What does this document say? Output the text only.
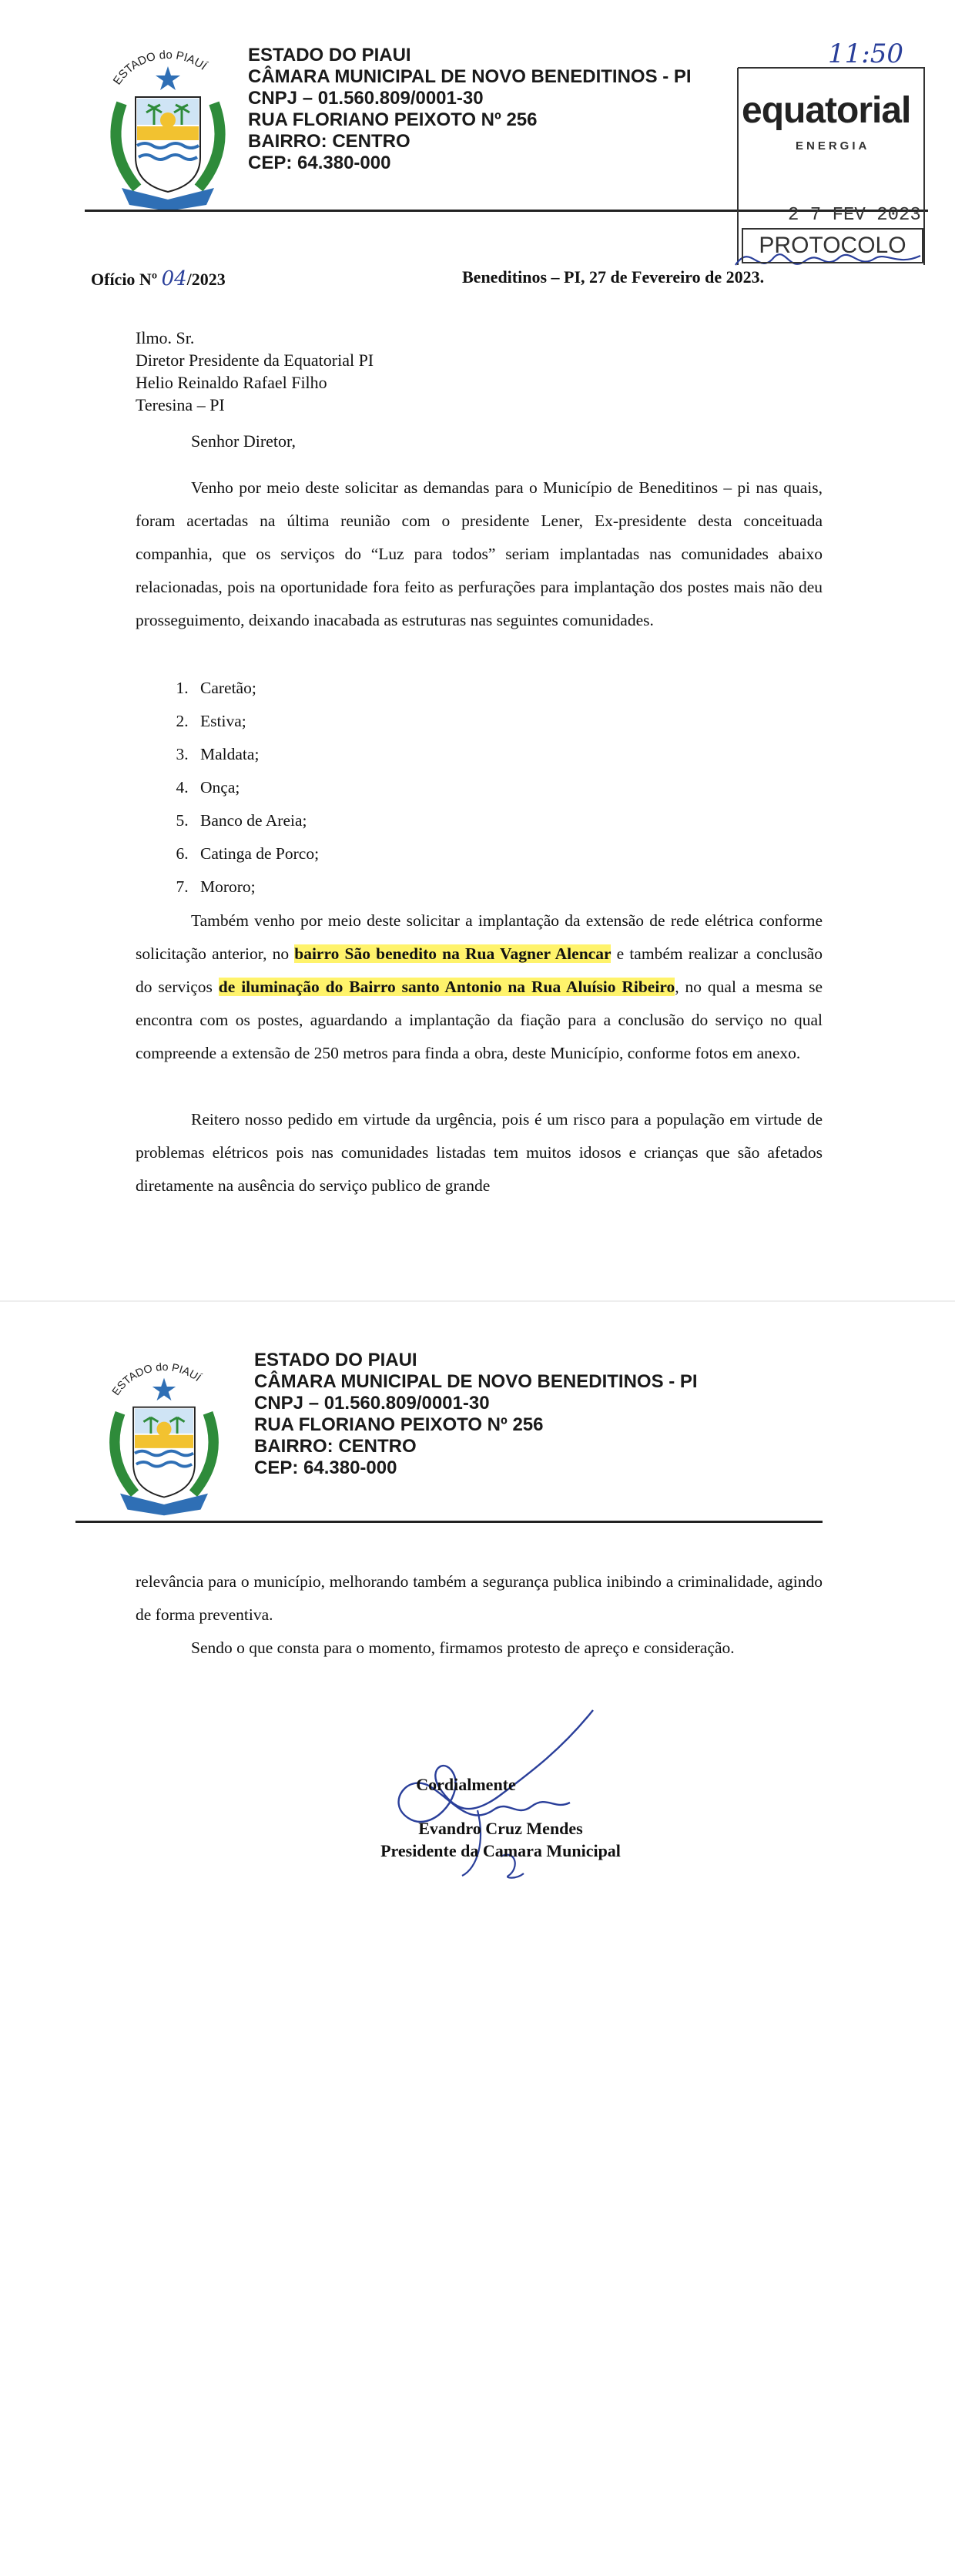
ESTADO do PIAUÍ
ESTADO DO PIAUI
CÂMARA MUNICIPAL DE NOVO BENEDITINOS - PI
CNPJ – 01.560.809/0001-30
RUA FLORIANO PEIXOTO Nº 256
BAIRRO: CENTRO
CEP: 64.380-000
11:50
equatorial
ENERGIA
2 7 FEV 2023
PROTOCOLO
Ofício Nº 04/2023	Beneditinos – PI, 27 de Fevereiro de 2023.
Ilmo. Sr.
Diretor Presidente da Equatorial PI
Helio Reinaldo Rafael Filho
Teresina – PI
Senhor Diretor,
Venho por meio deste solicitar as demandas para o Município de Beneditinos – pi nas quais, foram acertadas na última reunião com o presidente Lener, Ex-presidente desta conceituada companhia, que os serviços do “Luz para todos” seriam implantadas nas comunidades abaixo relacionadas, pois na oportunidade fora feito as perfurações para implantação dos postes mais não deu prosseguimento, deixando inacabada as estruturas nas seguintes comunidades.
1. Caretão;
2. Estiva;
3. Maldata;
4. Onça;
5. Banco de Areia;
6. Catinga de Porco;
7. Mororo;
Também venho por meio deste solicitar a implantação da extensão de rede elétrica conforme solicitação anterior, no bairro São benedito na Rua Vagner Alencar e também realizar a conclusão do serviços de iluminação do Bairro santo Antonio na Rua Aluísio Ribeiro, no qual a mesma se encontra com os postes, aguardando a implantação da fiação para a conclusão do serviço no qual compreende a extensão de 250 metros para finda a obra, deste Município, conforme fotos em anexo.
Reitero nosso pedido em virtude da urgência, pois é um risco para a população em virtude de problemas elétricos pois nas comunidades listadas tem muitos idosos e crianças que são afetados diretamente na ausência do serviço publico de grande
ESTADO do PIAUÍ
ESTADO DO PIAUI
CÂMARA MUNICIPAL DE NOVO BENEDITINOS - PI
CNPJ – 01.560.809/0001-30
RUA FLORIANO PEIXOTO Nº 256
BAIRRO: CENTRO
CEP: 64.380-000
relevância para o município, melhorando também a segurança publica inibindo a criminalidade, agindo de forma preventiva.
Sendo o que consta para o momento, firmamos protesto de apreço e consideração.
Cordialmente
Evandro Cruz Mendes
Presidente da Camara Municipal
